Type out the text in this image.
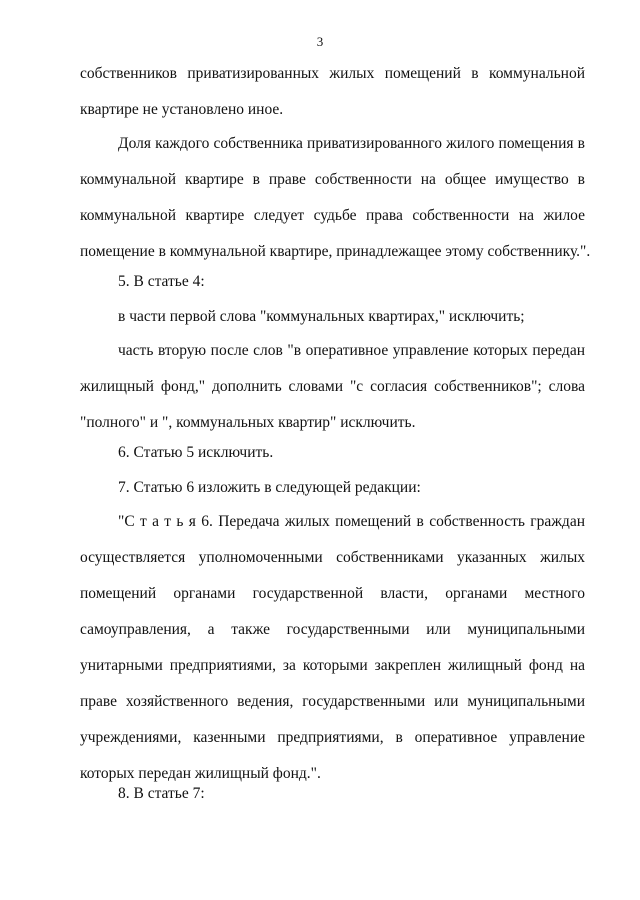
3
собственников приватизированных жилых помещений в коммунальной
квартире не установлено иное.
Доля каждого собственника приватизированного жилого помещения в
коммунальной квартире в праве собственности на общее имущество в
коммунальной квартире следует судьбе права собственности на жилое
помещение в коммунальной квартире, принадлежащее этому собственнику.".
5. В статье 4:
в части первой слова "коммунальных квартирах," исключить;
часть вторую после слов "в оперативное управление которых передан
жилищный фонд," дополнить словами "с согласия собственников"; слова
"полного" и ", коммунальных квартир" исключить.
6. Статью 5 исключить.
7. Статью 6 изложить в следующей редакции:
"С т а т ь я 6. Передача жилых помещений в собственность граждан
осуществляется уполномоченными собственниками указанных жилых
помещений органами государственной власти, органами местного
самоуправления, а также государственными или муниципальными
унитарными предприятиями, за которыми закреплен жилищный фонд на
праве хозяйственного ведения, государственными или муниципальными
учреждениями, казенными предприятиями, в оперативное управление
которых передан жилищный фонд.".
8. В статье 7:
